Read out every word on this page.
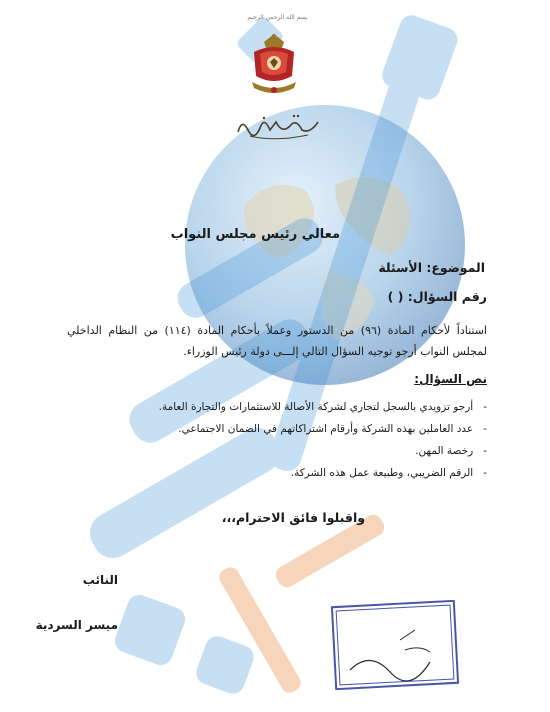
بسم الله الرحمن الرحيم
معالي رئيس مجلس النواب
الموضوع: الأسئلة
رقم السؤال: ( )
استناداً لأحكام المادة (٩٦) من الدستور وعملاً بأحكام المادة (١١٤) من النظام الداخلي لمجلس النواب أرجو توجيه السؤال التالي إلـــى دولة رئيس الوزراء.
نص السؤال:
- أرجو تزويدي بالسجل لتجاري لشركة الأصالة للاستثمارات والتجارة العامة.
- عدد العاملين بهذه الشركة وأرقام اشتراكاتهم في الضمان الاجتماعي.
- رخصة المهن.
- الرقم الضريبي، وطبيعة عمل هذه الشركة.
واقبلوا فائق الاحترام،،،
النائب
ميسر السردية
